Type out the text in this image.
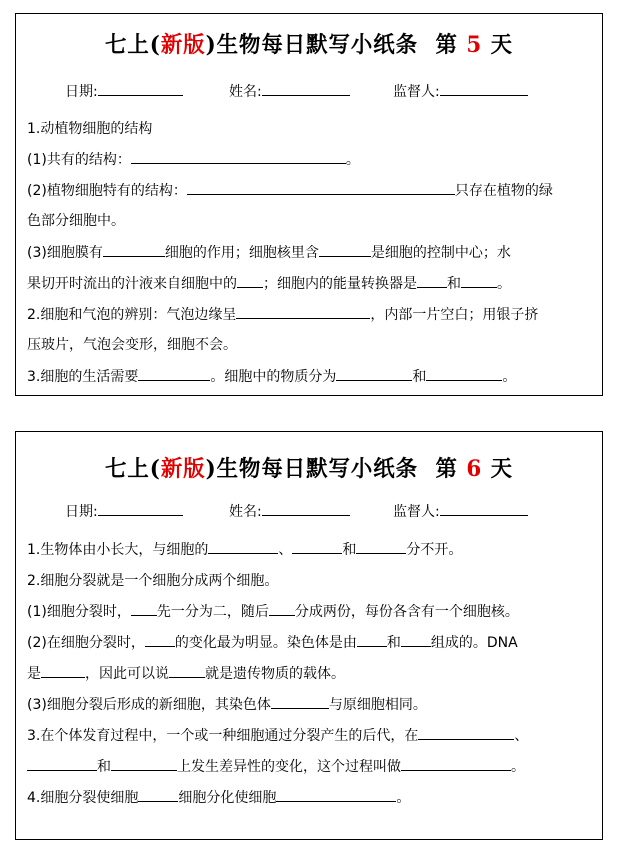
七上(新版)生物每日默写小纸条 第 5 天
日期:	姓名:	监督人:
1.动植物细胞的结构
(1)共有的结构：	。
(2)植物细胞特有的结构：	只存在植物的绿
色部分细胞中。
(3)细胞膜有	细胞的作用；细胞核里含	是细胞的控制中心；水
果切开时流出的汁液来自细胞中的 ；细胞内的能量转换器是 和	。
2.细胞和气泡的辨别：气泡边缘呈	，内部一片空白；用银子挤
压玻片，气泡会变形，细胞不会。
3.细胞的生活需要	。细胞中的物质分为	和	。
七上(新版)生物每日默写小纸条 第 6 天
日期:	姓名:	监督人:
1.生物体由小长大，与细胞的	、	和	分不开。
2.细胞分裂就是一个细胞分成两个细胞。
(1)细胞分裂时， 先一分为二，随后 分成两份，每份各含有一个细胞核。
(2)在细胞分裂时， 的变化最为明显。染色体是由 和 组成的。DNA
是	，因此可以说	就是遗传物质的载体。
(3)细胞分裂后形成的新细胞，其染色体	与原细胞相同。
3.在个体发育过程中，一个或一种细胞通过分裂产生的后代，在	、
和	上发生差异性的变化，这个过程叫做	。
4.细胞分裂使细胞	细胞分化使细胞	。
